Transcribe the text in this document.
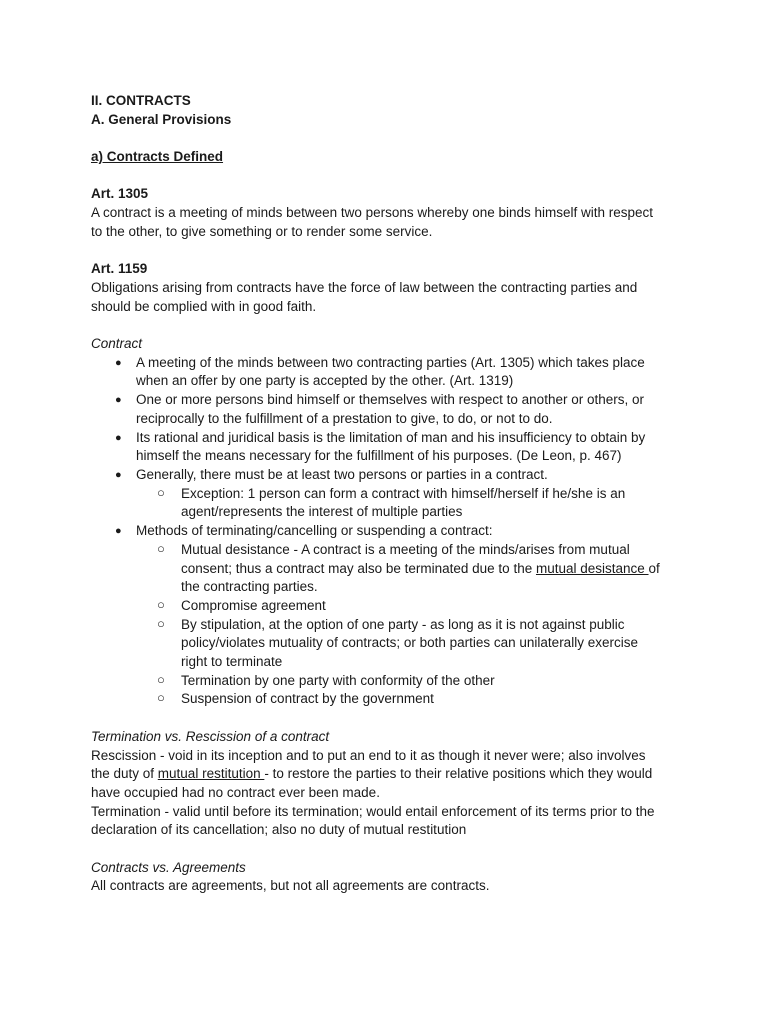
II. CONTRACTS
A. General Provisions
a) Contracts Defined
Art. 1305
A contract is a meeting of minds between two persons whereby one binds himself with respect
to the other, to give something or to render some service.
Art. 1159
Obligations arising from contracts have the force of law between the contracting parties and
should be complied with in good faith.
Contract
● A meeting of the minds between two contracting parties (Art. 1305) which takes place
when an offer by one party is accepted by the other. (Art. 1319)
● One or more persons bind himself or themselves with respect to another or others, or
reciprocally to the fulfillment of a prestation to give, to do, or not to do.
● Its rational and juridical basis is the limitation of man and his insufficiency to obtain by
himself the means necessary for the fulfillment of his purposes. (De Leon, p. 467)
● Generally, there must be at least two persons or parties in a contract.
○ Exception: 1 person can form a contract with himself/herself if he/she is an
agent/represents the interest of multiple parties
● Methods of terminating/cancelling or suspending a contract:
○ Mutual desistance - A contract is a meeting of the minds/arises from mutual
consent; thus a contract may also be terminated due to the mutual desistance of
the contracting parties.
○ Compromise agreement
○ By stipulation, at the option of one party - as long as it is not against public
policy/violates mutuality of contracts; or both parties can unilaterally exercise
right to terminate
○ Termination by one party with conformity of the other
○ Suspension of contract by the government
Termination vs. Rescission of a contract
Rescission - void in its inception and to put an end to it as though it never were; also involves
the duty of mutual restitution - to restore the parties to their relative positions which they would
have occupied had no contract ever been made.
Termination - valid until before its termination; would entail enforcement of its terms prior to the
declaration of its cancellation; also no duty of mutual restitution
Contracts vs. Agreements
All contracts are agreements, but not all agreements are contracts.
